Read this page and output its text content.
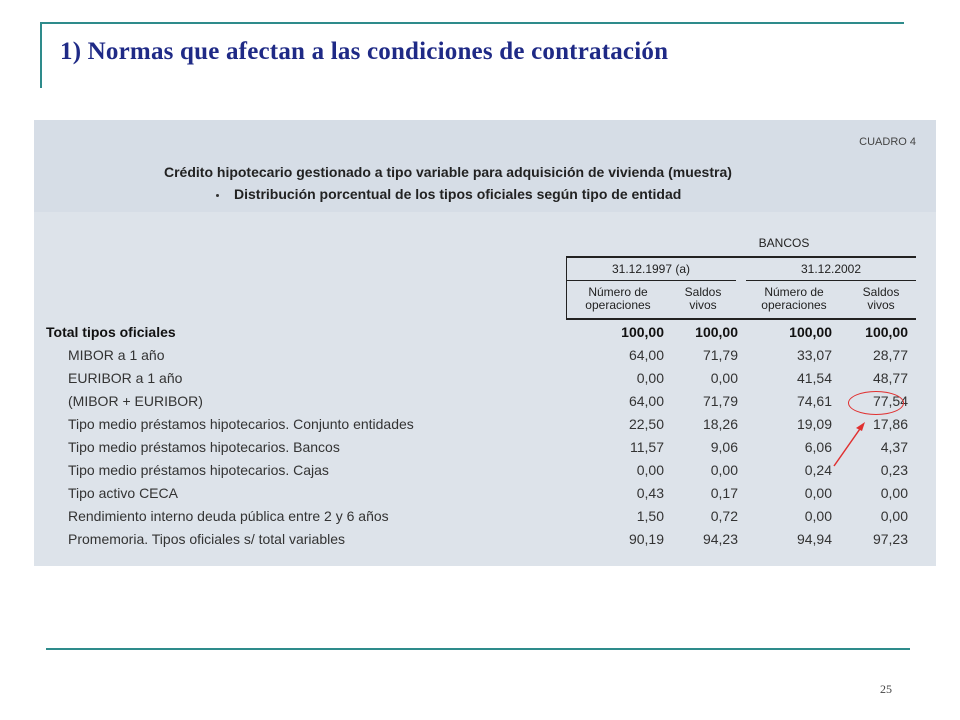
1) Normas que afectan a las condiciones de contratación
CUADRO 4
Crédito hipotecario gestionado a tipo variable para adquisición de vivienda (muestra)
Distribución porcentual de los tipos oficiales según tipo de entidad
BANCOS
31.12.1997 (a)	31.12.2002
Número de
operaciones
Saldos
vivos
Número de
operaciones
Saldos
vivos
Total tipos oficiales	100,00	100,00	100,00	100,00
MIBOR a 1 año	64,00	71,79	33,07	28,77
EURIBOR a 1 año	0,00	0,00	41,54	48,77
(MIBOR + EURIBOR)	64,00	71,79	74,61	77,54
Tipo medio préstamos hipotecarios. Conjunto entidades	22,50	18,26	19,09	17,86
Tipo medio préstamos hipotecarios. Bancos	11,57	9,06	6,06	4,37
Tipo medio préstamos hipotecarios. Cajas	0,00	0,00	0,24	0,23
Tipo activo CECA	0,43	0,17	0,00	0,00
Rendimiento interno deuda pública entre 2 y 6 años	1,50	0,72	0,00	0,00
Promemoria. Tipos oficiales s/ total variables	90,19	94,23	94,94	97,23
25
